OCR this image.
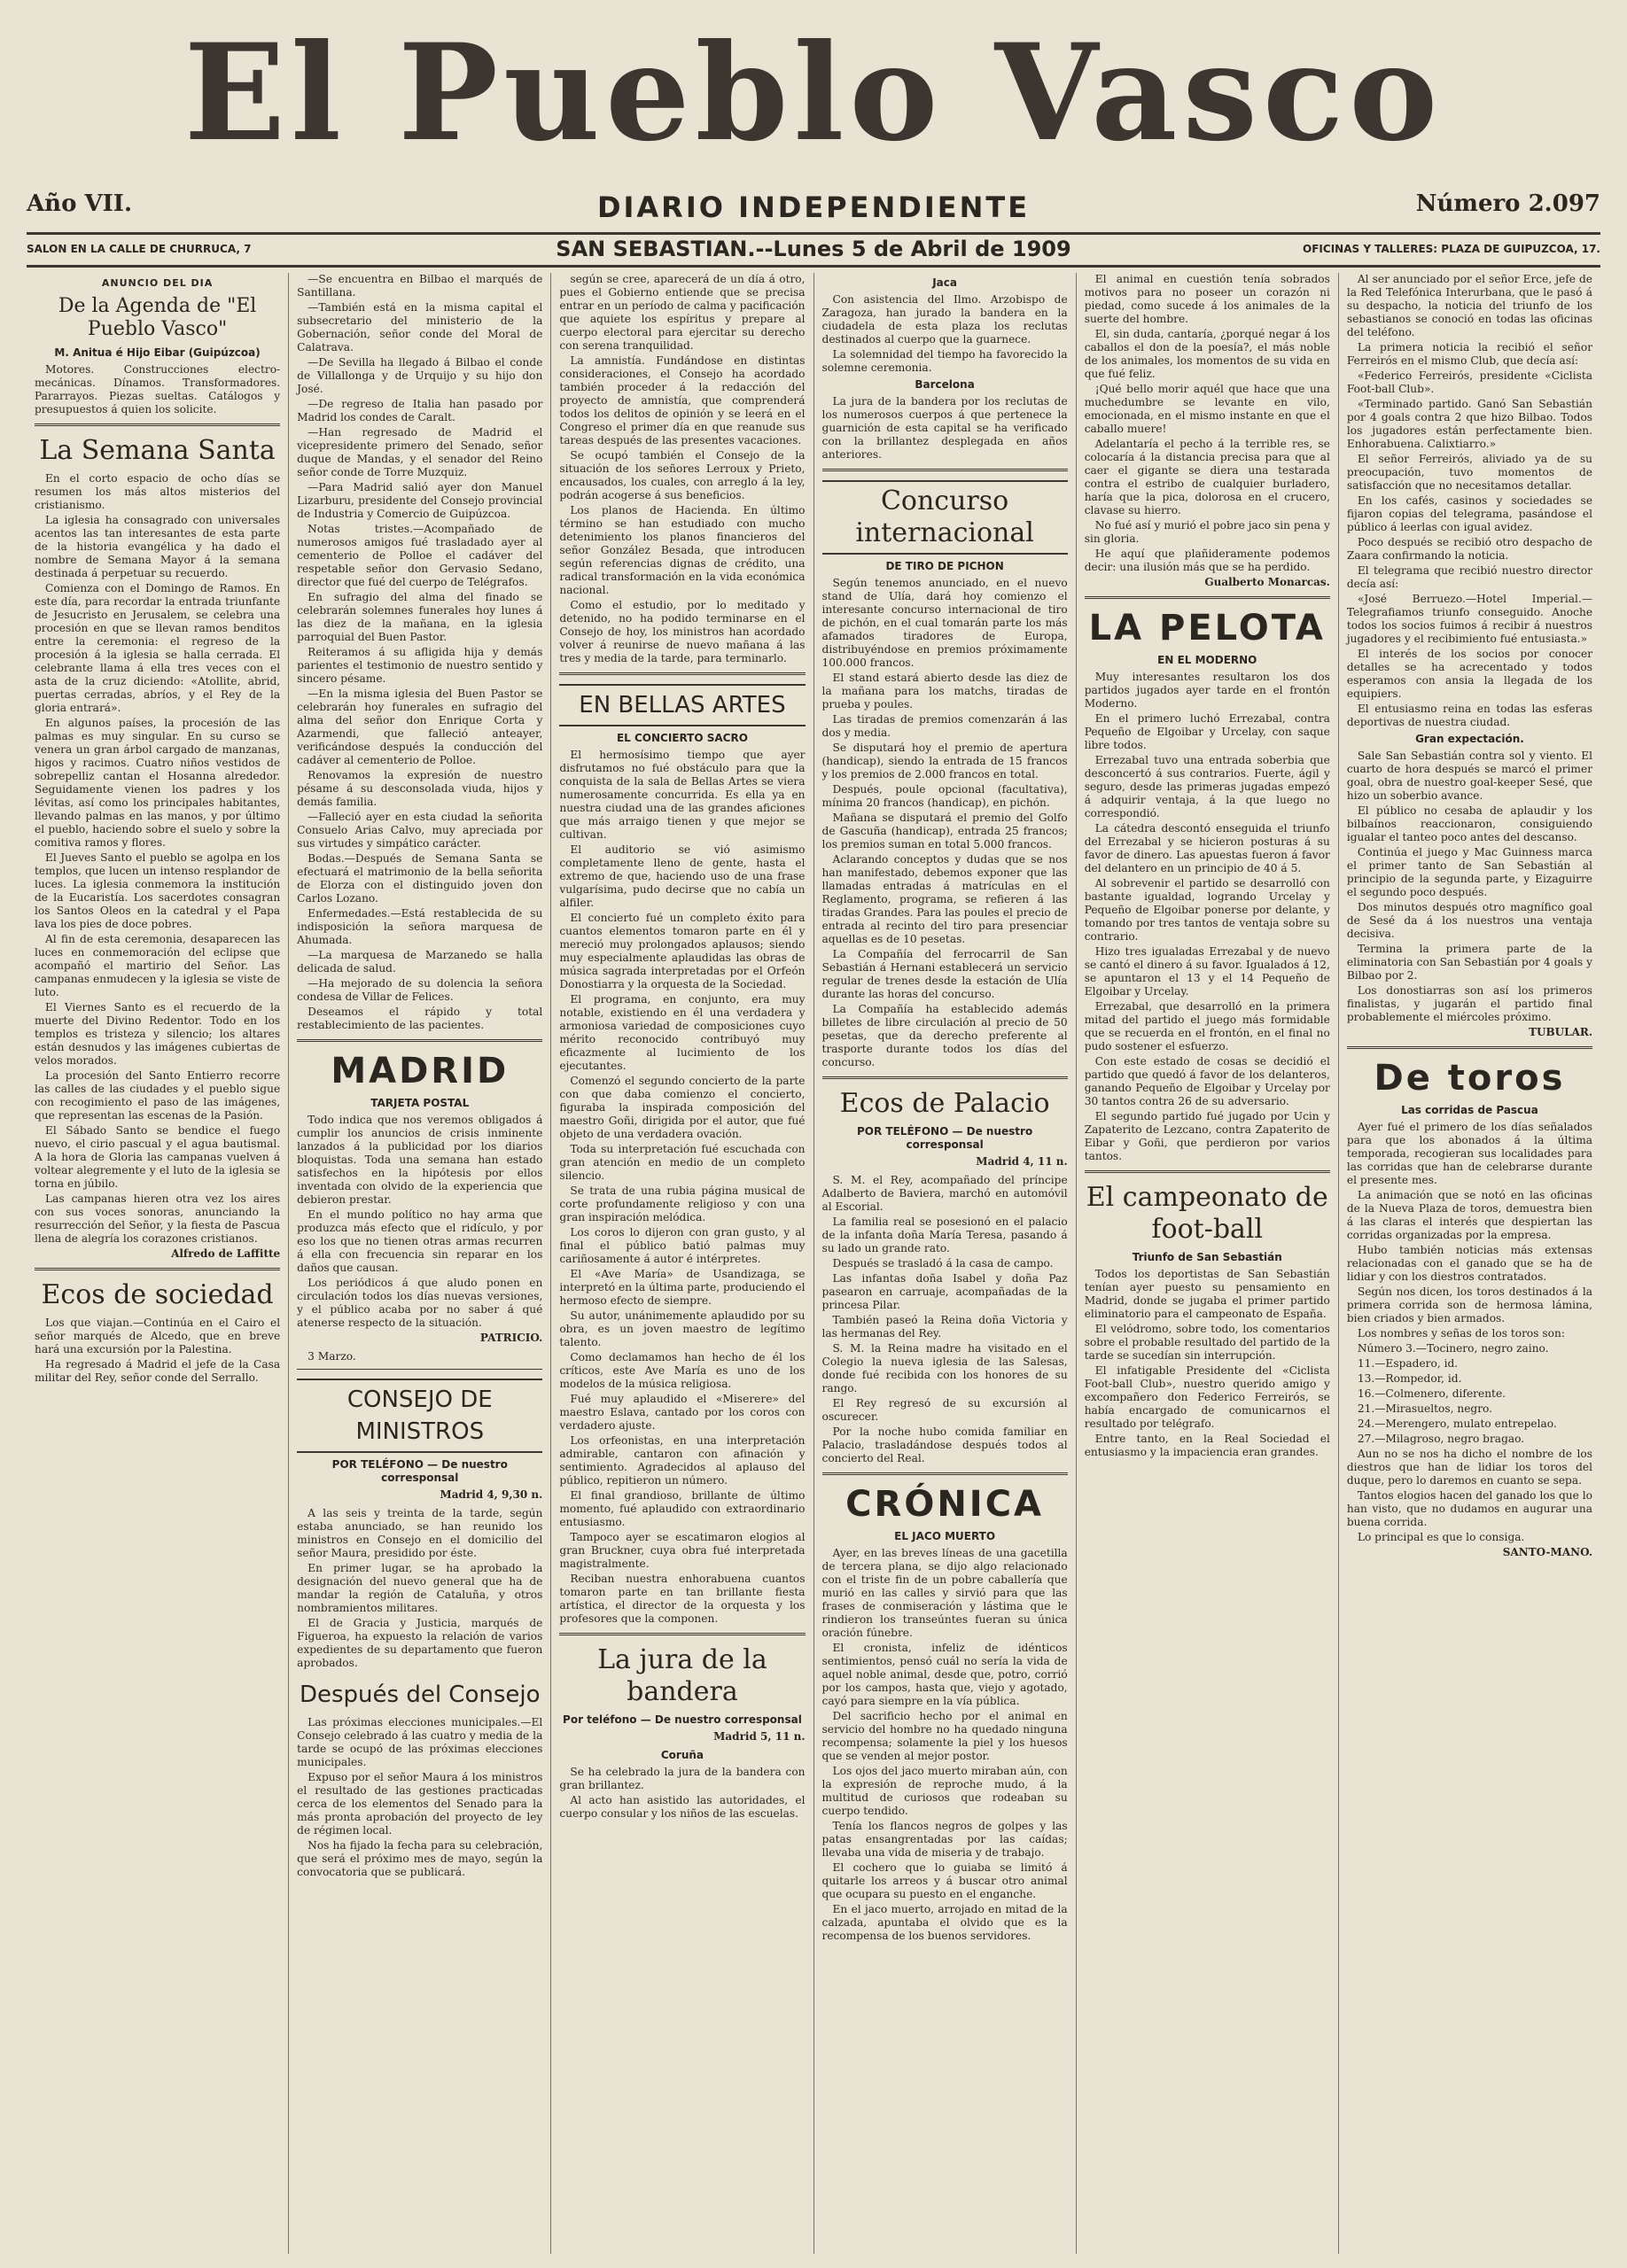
El Pueblo Vasco
Año VII.	DIARIO INDEPENDIENTE	Número 2.097
SALON EN LA CALLE DE CHURRUCA, 7	SAN SEBASTIAN.--Lunes 5 de Abril de 1909	OFICINAS Y TALLERES: PLAZA DE GUIPUZCOA, 17.
ANUNCIO DEL DIA
De la Agenda de "El Pueblo Vasco"
M. Anitua é Hijo Eibar (Guipúzcoa)

Motores. Construcciones electro-mecánicas. Dínamos. Transformadores. Pararrayos. Piezas sueltas. Catálogos y presupuestos á quien los solicite.

La Semana Santa

En el corto espacio de ocho días se resumen los más altos misterios del cristianismo.

La iglesia ha consagrado con universales acentos las tan interesantes de esta parte de la historia evangélica y ha dado el nombre de Semana Mayor á la semana destinada á perpetuar su recuerdo.

Comienza con el Domingo de Ramos. En este día, para recordar la entrada triunfante de Jesucristo en Jerusalem, se celebra una procesión en que se llevan ramos benditos entre la ceremonia: el regreso de la procesión á la iglesia se halla cerrada. El celebrante llama á ella tres veces con el asta de la cruz diciendo: «Atollite, abrid, puertas cerradas, abríos, y el Rey de la gloria entrará».

En algunos países, la procesión de las palmas es muy singular. En su curso se venera un gran árbol cargado de manzanas, higos y racimos. Cuatro niños vestidos de sobrepelliz cantan el Hosanna alrededor. Seguidamente vienen los padres y los lévitas, así como los principales habitantes, llevando palmas en las manos, y por último el pueblo, haciendo sobre el suelo y sobre la comitiva ramos y flores.

El Jueves Santo el pueblo se agolpa en los templos, que lucen un intenso resplandor de luces. La iglesia conmemora la institución de la Eucaristía. Los sacerdotes consagran los Santos Oleos en la catedral y el Papa lava los pies de doce pobres.

Al fin de esta ceremonia, desaparecen las luces en conmemoración del eclipse que acompañó el martirio del Señor. Las campanas enmudecen y la iglesia se viste de luto.

El Viernes Santo es el recuerdo de la muerte del Divino Redentor. Todo en los templos es tristeza y silencio; los altares están desnudos y las imágenes cubiertas de velos morados.

La procesión del Santo Entierro recorre las calles de las ciudades y el pueblo sigue con recogimiento el paso de las imágenes, que representan las escenas de la Pasión.

El Sábado Santo se bendice el fuego nuevo, el cirio pascual y el agua bautismal. A la hora de Gloria las campanas vuelven á voltear alegremente y el luto de la iglesia se torna en júbilo.

Las campanas hieren otra vez los aires con sus voces sonoras, anunciando la resurrección del Señor, y la fiesta de Pascua llena de alegría los corazones cristianos.

Alfredo de Laffitte
Ecos de sociedad

Los que viajan.—Continúa en el Cairo el señor marqués de Alcedo, que en breve hará una excursión por la Palestina.

Ha regresado á Madrid el jefe de la Casa militar del Rey, señor conde del Serrallo.

—Se encuentra en Bilbao el marqués de Santillana.

—También está en la misma capital el subsecretario del ministerio de la Gobernación, señor conde del Moral de Calatrava.

—De Sevilla ha llegado á Bilbao el conde de Villallonga y de Urquijo y su hijo don José.

—De regreso de Italia han pasado por Madrid los condes de Caralt.

—Han regresado de Madrid el vicepresidente primero del Senado, señor duque de Mandas, y el senador del Reino señor conde de Torre Muzquiz.

—Para Madrid salió ayer don Manuel Lizarburu, presidente del Consejo provincial de Industria y Comercio de Guipúzcoa.

Notas tristes.—Acompañado de numerosos amigos fué trasladado ayer al cementerio de Polloe el cadáver del respetable señor don Gervasio Sedano, director que fué del cuerpo de Telégrafos.

En sufragio del alma del finado se celebrarán solemnes funerales hoy lunes á las diez de la mañana, en la iglesia parroquial del Buen Pastor.

Reiteramos á su afligida hija y demás parientes el testimonio de nuestro sentido y sincero pésame.

—En la misma iglesia del Buen Pastor se celebrarán hoy funerales en sufragio del alma del señor don Enrique Corta y Azarmendi, que falleció anteayer, verificándose después la conducción del cadáver al cementerio de Polloe.

Renovamos la expresión de nuestro pésame á su desconsolada viuda, hijos y demás familia.

—Falleció ayer en esta ciudad la señorita Consuelo Arias Calvo, muy apreciada por sus virtudes y simpático carácter.

Bodas.—Después de Semana Santa se efectuará el matrimonio de la bella señorita de Elorza con el distinguido joven don Carlos Lozano.

Enfermedades.—Está restablecida de su indisposición la señora marquesa de Ahumada.

—La marquesa de Marzanedo se halla delicada de salud.

—Ha mejorado de su dolencia la señora condesa de Villar de Felices.

Deseamos el rápido y total restablecimiento de las pacientes.

MADRID
TARJETA POSTAL

Todo indica que nos veremos obligados á cumplir los anuncios de crisis inminente lanzados á la publicidad por los diarios bloquistas. Toda una semana han estado satisfechos en la hipótesis por ellos inventada con olvido de la experiencia que debieron prestar.

En el mundo político no hay arma que produzca más efecto que el ridículo, y por eso los que no tienen otras armas recurren á ella con frecuencia sin reparar en los daños que causan.

Los periódicos á que aludo ponen en circulación todos los días nuevas versiones, y el público acaba por no saber á qué atenerse respecto de la situación.

PATRICIO.

3 Marzo.

CONSEJO DE MINISTROS
POR TELÉFONO — De nuestro corresponsal
Madrid 4, 9,30 n.

A las seis y treinta de la tarde, según estaba anunciado, se han reunido los ministros en Consejo en el domicilio del señor Maura, presidido por éste.

En primer lugar, se ha aprobado la designación del nuevo general que ha de mandar la región de Cataluña, y otros nombramientos militares.

El de Gracia y Justicia, marqués de Figueroa, ha expuesto la relación de varios expedientes de su departamento que fueron aprobados.

Después del Consejo

Las próximas elecciones municipales.—El Consejo celebrado á las cuatro y media de la tarde se ocupó de las próximas elecciones municipales.

Expuso por el señor Maura á los ministros el resultado de las gestiones practicadas cerca de los elementos del Senado para la más pronta aprobación del proyecto de ley de régimen local.

Nos ha fijado la fecha para su celebración, que será el próximo mes de mayo, según la convocatoria que se publicará.

según se cree, aparecerá de un día á otro, pues el Gobierno entiende que se precisa entrar en un período de calma y pacificación que aquiete los espíritus y prepare al cuerpo electoral para ejercitar su derecho con serena tranquilidad.

La amnistía. Fundándose en distintas consideraciones, el Consejo ha acordado también proceder á la redacción del proyecto de amnistía, que comprenderá todos los delitos de opinión y se leerá en el Congreso el primer día en que reanude sus tareas después de las presentes vacaciones.

Se ocupó también el Consejo de la situación de los señores Lerroux y Prieto, encausados, los cuales, con arreglo á la ley, podrán acogerse á sus beneficios.

Los planos de Hacienda. En último término se han estudiado con mucho detenimiento los planos financieros del señor González Besada, que introducen según referencias dignas de crédito, una radical transformación en la vida económica nacional.

Como el estudio, por lo meditado y detenido, no ha podido terminarse en el Consejo de hoy, los ministros han acordado volver á reunirse de nuevo mañana á las tres y media de la tarde, para terminarlo.

EN BELLAS ARTES
EL CONCIERTO SACRO

El hermosísimo tiempo que ayer disfrutamos no fué obstáculo para que la conquista de la sala de Bellas Artes se viera numerosamente concurrida. Es ella ya en nuestra ciudad una de las grandes aficiones que más arraigo tienen y que mejor se cultivan.

El auditorio se vió asimismo completamente lleno de gente, hasta el extremo de que, haciendo uso de una frase vulgarísima, pudo decirse que no cabía un alfiler.

El concierto fué un completo éxito para cuantos elementos tomaron parte en él y mereció muy prolongados aplausos; siendo muy especialmente aplaudidas las obras de música sagrada interpretadas por el Orfeón Donostiarra y la orquesta de la Sociedad.

El programa, en conjunto, era muy notable, existiendo en él una verdadera y armoniosa variedad de composiciones cuyo mérito reconocido contribuyó muy eficazmente al lucimiento de los ejecutantes.

Comenzó el segundo concierto de la parte con que daba comienzo el concierto, figuraba la inspirada composición del maestro Goñi, dirigida por el autor, que fué objeto de una verdadera ovación.

Toda su interpretación fué escuchada con gran atención en medio de un completo silencio.

Se trata de una rubia página musical de corte profundamente religioso y con una gran inspiración melódica.

Los coros lo dijeron con gran gusto, y al final el público batió palmas muy cariñosamente á autor é intérpretes.

El «Ave María» de Usandizaga, se interpretó en la última parte, produciendo el hermoso efecto de siempre.

Su autor, unánimemente aplaudido por su obra, es un joven maestro de legítimo talento.

Como declamamos han hecho de él los críticos, este Ave María es uno de los modelos de la música religiosa.

Fué muy aplaudido el «Miserere» del maestro Eslava, cantado por los coros con verdadero ajuste.

Los orfeonistas, en una interpretación admirable, cantaron con afinación y sentimiento. Agradecidos al aplauso del público, repitieron un número.

El final grandioso, brillante de último momento, fué aplaudido con extraordinario entusiasmo.

Tampoco ayer se escatimaron elogios al gran Bruckner, cuya obra fué interpretada magistralmente.

Reciban nuestra enhorabuena cuantos tomaron parte en tan brillante fiesta artística, el director de la orquesta y los profesores que la componen.

La jura de la bandera
Por teléfono — De nuestro corresponsal
Madrid 5, 11 n.
Coruña

Se ha celebrado la jura de la bandera con gran brillantez.

Al acto han asistido las autoridades, el cuerpo consular y los niños de las escuelas.

Jaca

Con asistencia del Ilmo. Arzobispo de Zaragoza, han jurado la bandera en la ciudadela de esta plaza los reclutas destinados al cuerpo que la guarnece.

La solemnidad del tiempo ha favorecido la solemne ceremonia.

Barcelona

La jura de la bandera por los reclutas de los numerosos cuerpos á que pertenece la guarnición de esta capital se ha verificado con la brillantez desplegada en años anteriores.

Concurso internacional
DE TIRO DE PICHON

Según tenemos anunciado, en el nuevo stand de Ulía, dará hoy comienzo el interesante concurso internacional de tiro de pichón, en el cual tomarán parte los más afamados tiradores de Europa, distribuyéndose en premios próximamente 100.000 francos.

El stand estará abierto desde las diez de la mañana para los matchs, tiradas de prueba y poules.

Las tiradas de premios comenzarán á las dos y media.

Se disputará hoy el premio de apertura (handicap), siendo la entrada de 15 francos y los premios de 2.000 francos en total.

Después, poule opcional (facultativa), mínima 20 francos (handicap), en pichón.

Mañana se disputará el premio del Golfo de Gascuña (handicap), entrada 25 francos; los premios suman en total 5.000 francos.

Aclarando conceptos y dudas que se nos han manifestado, debemos exponer que las llamadas entradas á matrículas en el Reglamento, programa, se refieren á las tiradas Grandes. Para las poules el precio de entrada al recinto del tiro para presenciar aquellas es de 10 pesetas.

La Compañía del ferrocarril de San Sebastián á Hernani establecerá un servicio regular de trenes desde la estación de Ulía durante las horas del concurso.

La Compañía ha establecido además billetes de libre circulación al precio de 50 pesetas, que da derecho preferente al trasporte durante todos los días del concurso.

Ecos de Palacio
POR TELÉFONO — De nuestro corresponsal
Madrid 4, 11 n.

S. M. el Rey, acompañado del príncipe Adalberto de Baviera, marchó en automóvil al Escorial.

La familia real se posesionó en el palacio de la infanta doña María Teresa, pasando á su lado un grande rato.

Después se trasladó á la casa de campo.

Las infantas doña Isabel y doña Paz pasearon en carruaje, acompañadas de la princesa Pilar.

También paseó la Reina doña Victoria y las hermanas del Rey.

S. M. la Reina madre ha visitado en el Colegio la nueva iglesia de las Salesas, donde fué recibida con los honores de su rango.

El Rey regresó de su excursión al oscurecer.

Por la noche hubo comida familiar en Palacio, trasladándose después todos al concierto del Real.

CRÓNICA
EL JACO MUERTO

Ayer, en las breves líneas de una gacetilla de tercera plana, se dijo algo relacionado con el triste fin de un pobre caballería que murió en las calles y sirvió para que las frases de conmiseración y lástima que le rindieron los transeúntes fueran su única oración fúnebre.

El cronista, infeliz de idénticos sentimientos, pensó cuál no sería la vida de aquel noble animal, desde que, potro, corrió por los campos, hasta que, viejo y agotado, cayó para siempre en la vía pública.

Del sacrificio hecho por el animal en servicio del hombre no ha quedado ninguna recompensa; solamente la piel y los huesos que se venden al mejor postor.

Los ojos del jaco muerto miraban aún, con la expresión de reproche mudo, á la multitud de curiosos que rodeaban su cuerpo tendido.

Tenía los flancos negros de golpes y las patas ensangrentadas por las caídas; llevaba una vida de miseria y de trabajo.

El cochero que lo guiaba se limitó á quitarle los arreos y á buscar otro animal que ocupara su puesto en el enganche.

En el jaco muerto, arrojado en mitad de la calzada, apuntaba el olvido que es la recompensa de los buenos servidores.

El animal en cuestión tenía sobrados motivos para no poseer un corazón ni piedad, como sucede á los animales de la suerte del hombre.

El, sin duda, cantaría, ¿porqué negar á los caballos el don de la poesía?, el más noble de los animales, los momentos de su vida en que fué feliz.

¡Qué bello morir aquél que hace que una muchedumbre se levante en vilo, emocionada, en el mismo instante en que el caballo muere!

Adelantaría el pecho á la terrible res, se colocaría á la distancia precisa para que al caer el gigante se diera una testarada contra el estribo de cualquier burladero, haría que la pica, dolorosa en el crucero, clavase su hierro.

No fué así y murió el pobre jaco sin pena y sin gloria.

He aquí que plañideramente podemos decir: una ilusión más que se ha perdido.

Gualberto Monarcas.
LA PELOTA
EN EL MODERNO

Muy interesantes resultaron los dos partidos jugados ayer tarde en el frontón Moderno.

En el primero luchó Errezabal, contra Pequeño de Elgoibar y Urcelay, con saque libre todos.

Errezabal tuvo una entrada soberbia que desconcertó á sus contrarios. Fuerte, ágil y seguro, desde las primeras jugadas empezó á adquirir ventaja, á la que luego no correspondió.

La cátedra descontó enseguida el triunfo del Errezabal y se hicieron posturas á su favor de dinero. Las apuestas fueron á favor del delantero en un principio de 40 á 5.

Al sobrevenir el partido se desarrolló con bastante igualdad, logrando Urcelay y Pequeño de Elgoibar ponerse por delante, y tomando por tres tantos de ventaja sobre su contrario.

Hizo tres igualadas Errezabal y de nuevo se cantó el dinero á su favor. Igualados á 12, se apuntaron el 13 y el 14 Pequeño de Elgoibar y Urcelay.

Errezabal, que desarrolló en la primera mitad del partido el juego más formidable que se recuerda en el frontón, en el final no pudo sostener el esfuerzo.

Con este estado de cosas se decidió el partido que quedó á favor de los delanteros, ganando Pequeño de Elgoibar y Urcelay por 30 tantos contra 26 de su adversario.

El segundo partido fué jugado por Ucin y Zapaterito de Lezcano, contra Zapaterito de Eibar y Goñi, que perdieron por varios tantos.

El campeonato de foot-ball
Triunfo de San Sebastián

Todos los deportistas de San Sebastián tenían ayer puesto su pensamiento en Madrid, donde se jugaba el primer partido eliminatorio para el campeonato de España.

El velódromo, sobre todo, los comentarios sobre el probable resultado del partido de la tarde se sucedían sin interrupción.

El infatigable Presidente del «Ciclista Foot-ball Club», nuestro querido amigo y excompañero don Federico Ferreirós, se había encargado de comunicarnos el resultado por telégrafo.

Entre tanto, en la Real Sociedad el entusiasmo y la impaciencia eran grandes.

Al ser anunciado por el señor Erce, jefe de la Red Telefónica Interurbana, que le pasó á su despacho, la noticia del triunfo de los sebastianos se conoció en todas las oficinas del teléfono.

La primera noticia la recibió el señor Ferreirós en el mismo Club, que decía así:

«Federico Ferreirós, presidente «Ciclista Foot-ball Club».

«Terminado partido. Ganó San Sebastián por 4 goals contra 2 que hizo Bilbao. Todos los jugadores están perfectamente bien. Enhorabuena. Calixtiarro.»

El señor Ferreirós, aliviado ya de su preocupación, tuvo momentos de satisfacción que no necesitamos detallar.

En los cafés, casinos y sociedades se fijaron copias del telegrama, pasándose el público á leerlas con igual avidez.

Poco después se recibió otro despacho de Zaara confirmando la noticia.

El telegrama que recibió nuestro director decía así:

«José Berruezo.—Hotel Imperial.—Telegrafiamos triunfo conseguido. Anoche todos los socios fuimos á recibir á nuestros jugadores y el recibimiento fué entusiasta.»

El interés de los socios por conocer detalles se ha acrecentado y todos esperamos con ansia la llegada de los equipiers.

El entusiasmo reina en todas las esferas deportivas de nuestra ciudad.

Gran expectación.

Sale San Sebastián contra sol y viento. El cuarto de hora después se marcó el primer goal, obra de nuestro goal-keeper Sesé, que hizo un soberbio avance.

El público no cesaba de aplaudir y los bilbaínos reaccionaron, consiguiendo igualar el tanteo poco antes del descanso.

Continúa el juego y Mac Guinness marca el primer tanto de San Sebastián al principio de la segunda parte, y Eizaguirre el segundo poco después.

Dos minutos después otro magnífico goal de Sesé da á los nuestros una ventaja decisiva.

Termina la primera parte de la eliminatoria con San Sebastián por 4 goals y Bilbao por 2.

Los donostiarras son así los primeros finalistas, y jugarán el partido final probablemente el miércoles próximo.

TUBULAR.
De toros
Las corridas de Pascua

Ayer fué el primero de los días señalados para que los abonados á la última temporada, recogieran sus localidades para las corridas que han de celebrarse durante el presente mes.

La animación que se notó en las oficinas de la Nueva Plaza de toros, demuestra bien á las claras el interés que despiertan las corridas organizadas por la empresa.

Hubo también noticias más extensas relacionadas con el ganado que se ha de lidiar y con los diestros contratados.

Según nos dicen, los toros destinados á la primera corrida son de hermosa lámina, bien criados y bien armados.

Los nombres y señas de los toros son:

Número 3.—Tocinero, negro zaino.

11.—Espadero, id.

13.—Rompedor, id.

16.—Colmenero, diferente.

21.—Mirasueltos, negro.

24.—Merengero, mulato entrepelao.

27.—Milagroso, negro bragao.

Aun no se nos ha dicho el nombre de los diestros que han de lidiar los toros del duque, pero lo daremos en cuanto se sepa.

Tantos elogios hacen del ganado los que lo han visto, que no dudamos en augurar una buena corrida.

Lo principal es que lo consiga.

SANTO-MANO.
